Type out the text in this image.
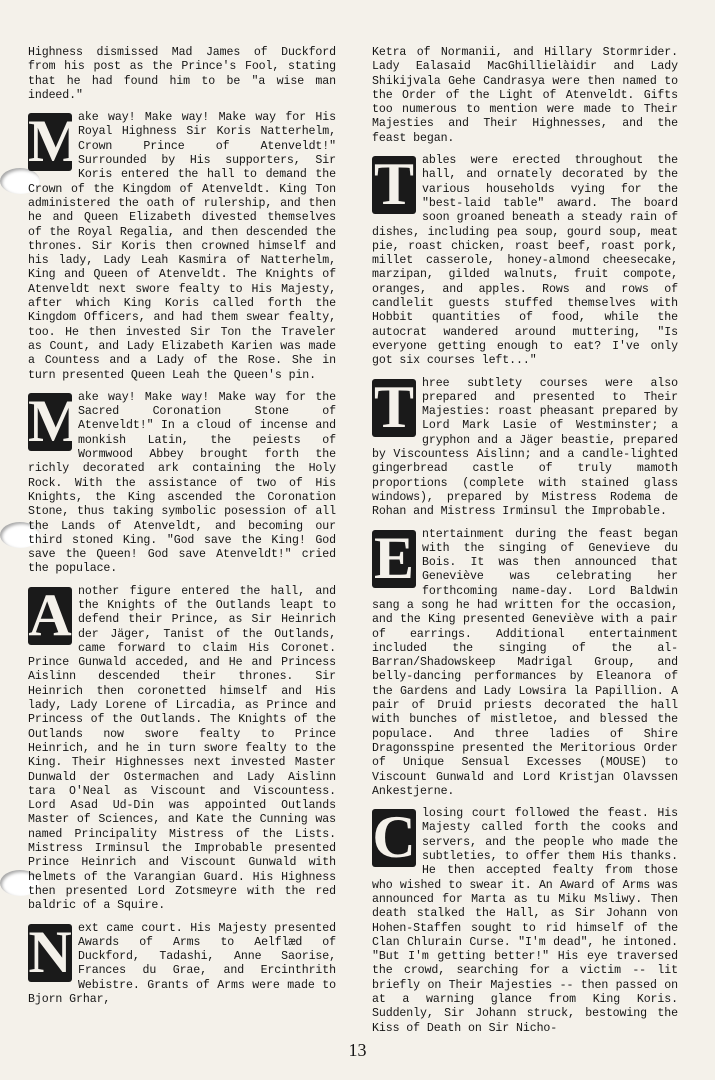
Highness dismissed Mad James of Duckford from his post as the Prince's Fool, stating that he had found him to be "a wise man indeed."

M
ake way! Make way! Make way for His Royal Highness Sir Koris Natterhelm, Crown Prince of Atenveldt!" Surrounded by His supporters, Sir Koris entered the hall to demand the Crown of the Kingdom of Atenveldt. King Ton administered the oath of rulership, and then he and Queen Elizabeth divested themselves of the Royal Regalia, and then descended the thrones. Sir Koris then crowned himself and his lady, Lady Leah Kasmira of Natterhelm, King and Queen of Atenveldt. The Knights of Atenveldt next swore fealty to His Majesty, after which King Koris called forth the Kingdom Officers, and had them swear fealty, too. He then invested Sir Ton the Traveler as Count, and Lady Elizabeth Karien was made a Countess and a Lady of the Rose. She in turn presented Queen Leah the Queen's pin.

M
ake way! Make way! Make way for the Sacred Coronation Stone of Atenveldt!" In a cloud of incense and monkish Latin, the peiests of Wormwood Abbey brought forth the richly decorated ark containing the Holy Rock. With the assistance of two of His Knights, the King ascended the Coronation Stone, thus taking symbolic posession of all the Lands of Atenveldt, and becoming our third stoned King. "God save the King! God save the Queen! God save Atenveldt!" cried the populace.

A nother figure entered the hall, and the Knights of the Outlands leapt to defend their Prince, as Sir Heinrich der Jäger, Tanist of the Outlands, came forward to claim His Coronet. Prince Gunwald acceded, and He and Princess Aislinn descended their thrones. Sir Heinrich then coronetted himself and His lady, Lady Lorene of Lircadia, as Prince and Princess of the Outlands. The Knights of the Outlands now swore fealty to Prince Heinrich, and he in turn swore fealty to the King. Their Highnesses next invested Master Dunwald der Ostermachen and Lady Aislinn tara O'Neal as Viscount and Viscountess. Lord Asad Ud-Din was appointed Outlands Master of Sciences, and Kate the Cunning was named Principality Mistress of the Lists. Mistress Irminsul the Improbable presented Prince Heinrich and Viscount Gunwald with helmets of the Varangian Guard. His Highness then presented Lord Zotsmeyre with the red baldric of a Squire.

N ext came court. His Majesty presented Awards of Arms to Aelflæd of Duckford, Tadashi, Anne Saorise, Frances du Grae, and Ercinthrith Webistre. Grants of Arms were made to Bjorn Grhar,

Ketra of Normanii, and Hillary Stormrider. Lady Ealasaid MacGhillielàidir and Lady Shikijvala Gehe Candrasya were then named to the Order of the Light of Atenveldt. Gifts too numerous to mention were made to Their Majesties and Their Highnesses, and the feast began.

T ables were erected throughout the hall, and ornately decorated by the various households vying for the "best-laid table" award. The board soon groaned beneath a steady rain of dishes, including pea soup, gourd soup, meat pie, roast chicken, roast beef, roast pork, millet casserole, honey-almond cheesecake, marzipan, gilded walnuts, fruit compote, oranges, and apples. Rows and rows of candlelit guests stuffed themselves with Hobbit quantities of food, while the autocrat wandered around muttering, "Is everyone getting enough to eat? I've only got six courses left..."

T hree subtlety courses were also prepared and presented to Their Majesties: roast pheasant prepared by Lord Mark Lasie of Westminster; a gryphon and a Jäger beastie, prepared by Viscountess Aislinn; and a candle-lighted gingerbread castle of truly mamoth proportions (complete with stained glass windows), prepared by Mistress Rodema de Rohan and Mistress Irminsul the Improbable.

E ntertainment during the feast began with the singing of Genevieve du Bois. It was then announced that Geneviève was celebrating her forthcoming name-day. Lord Baldwin sang a song he had written for the occasion, and the King presented Geneviève with a pair of earrings. Additional entertainment included the singing of the al-Barran/Shadowskeep Madrigal Group, and belly-dancing performances by Eleanora of the Gardens and Lady Lowsira la Papillion. A pair of Druid priests decorated the hall with bunches of mistletoe, and blessed the populace. And three ladies of Shire Dragonsspine presented the Meritorious Order of Unique Sensual Excesses (MOUSE) to Viscount Gunwald and Lord Kristjan Olavssen Ankestjerne.

C losing court followed the feast. His Majesty called forth the cooks and servers, and the people who made the subtleties, to offer them His thanks. He then accepted fealty from those who wished to swear it. An Award of Arms was announced for Marta as tu Miku Msliwy. Then death stalked the Hall, as Sir Johann von Hohen-Staffen sought to rid himself of the Clan Chlurain Curse. "I'm dead", he intoned. "But I'm getting better!" His eye traversed the crowd, searching for a victim -- lit briefly on Their Majesties -- then passed on at a warning glance from King Koris. Suddenly, Sir Johann struck, bestowing the Kiss of Death on Sir Nicho-

13
